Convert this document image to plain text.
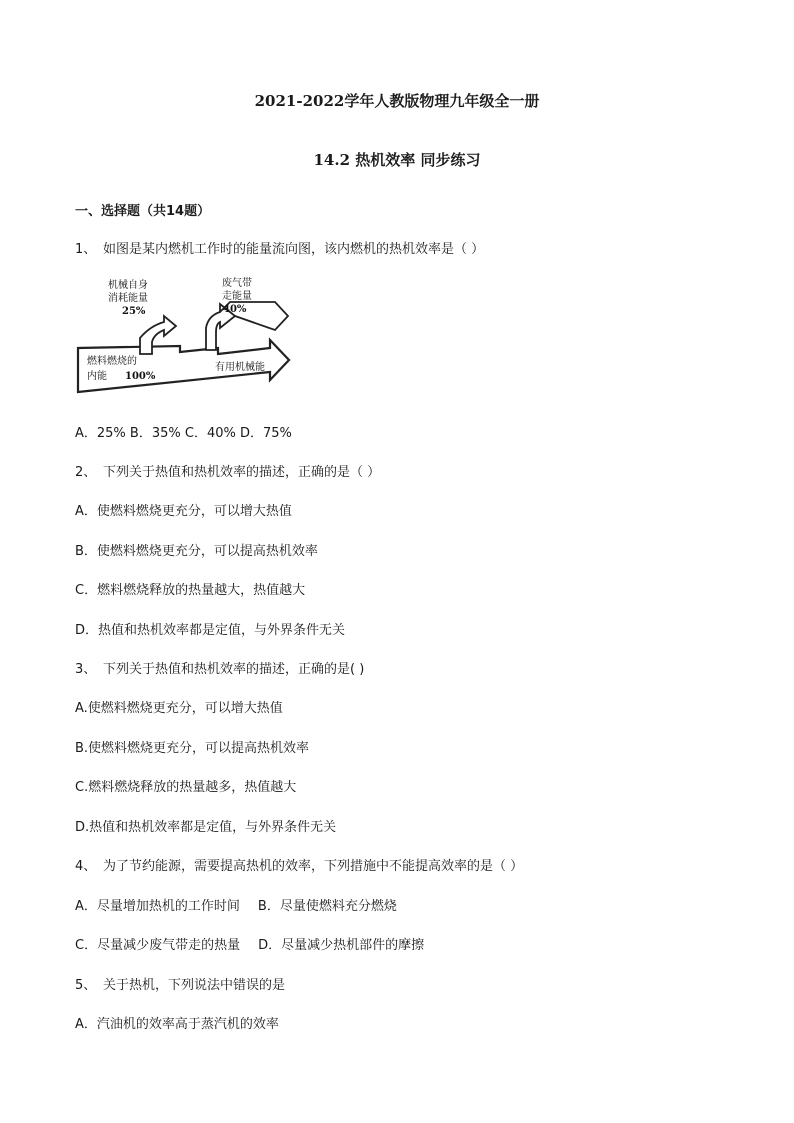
2021-2022学年人教版物理九年级全一册
14.2 热机效率 同步练习
一、选择题（共14题）
1、 如图是某内燃机工作时的能量流向图，该内燃机的热机效率是（ ）
机械自身
消耗能量
25%
废气带
走能量
40%
燃料燃烧的
内能 100%
有用机械能
A．25% B．35% C．40% D．75%
2、 下列关于热值和热机效率的描述，正确的是（ ）
A．使燃料燃烧更充分，可以增大热值
B．使燃料燃烧更充分，可以提高热机效率
C．燃料燃烧释放的热量越大，热值越大
D．热值和热机效率都是定值，与外界条件无关
3、 下列关于热值和热机效率的描述，正确的是( )
A.使燃料燃烧更充分，可以增大热值
B.使燃料燃烧更充分，可以提高热机效率
C.燃料燃烧释放的热量越多，热值越大
D.热值和热机效率都是定值，与外界条件无关
4、 为了节约能源，需要提高热机的效率，下列措施中不能提高效率的是（ ）
A．尽量增加热机的工作时间 B．尽量使燃料充分燃烧
C．尽量减少废气带走的热量 D．尽量减少热机部件的摩擦
5、 关于热机，下列说法中错误的是
A．汽油机的效率高于蒸汽机的效率
